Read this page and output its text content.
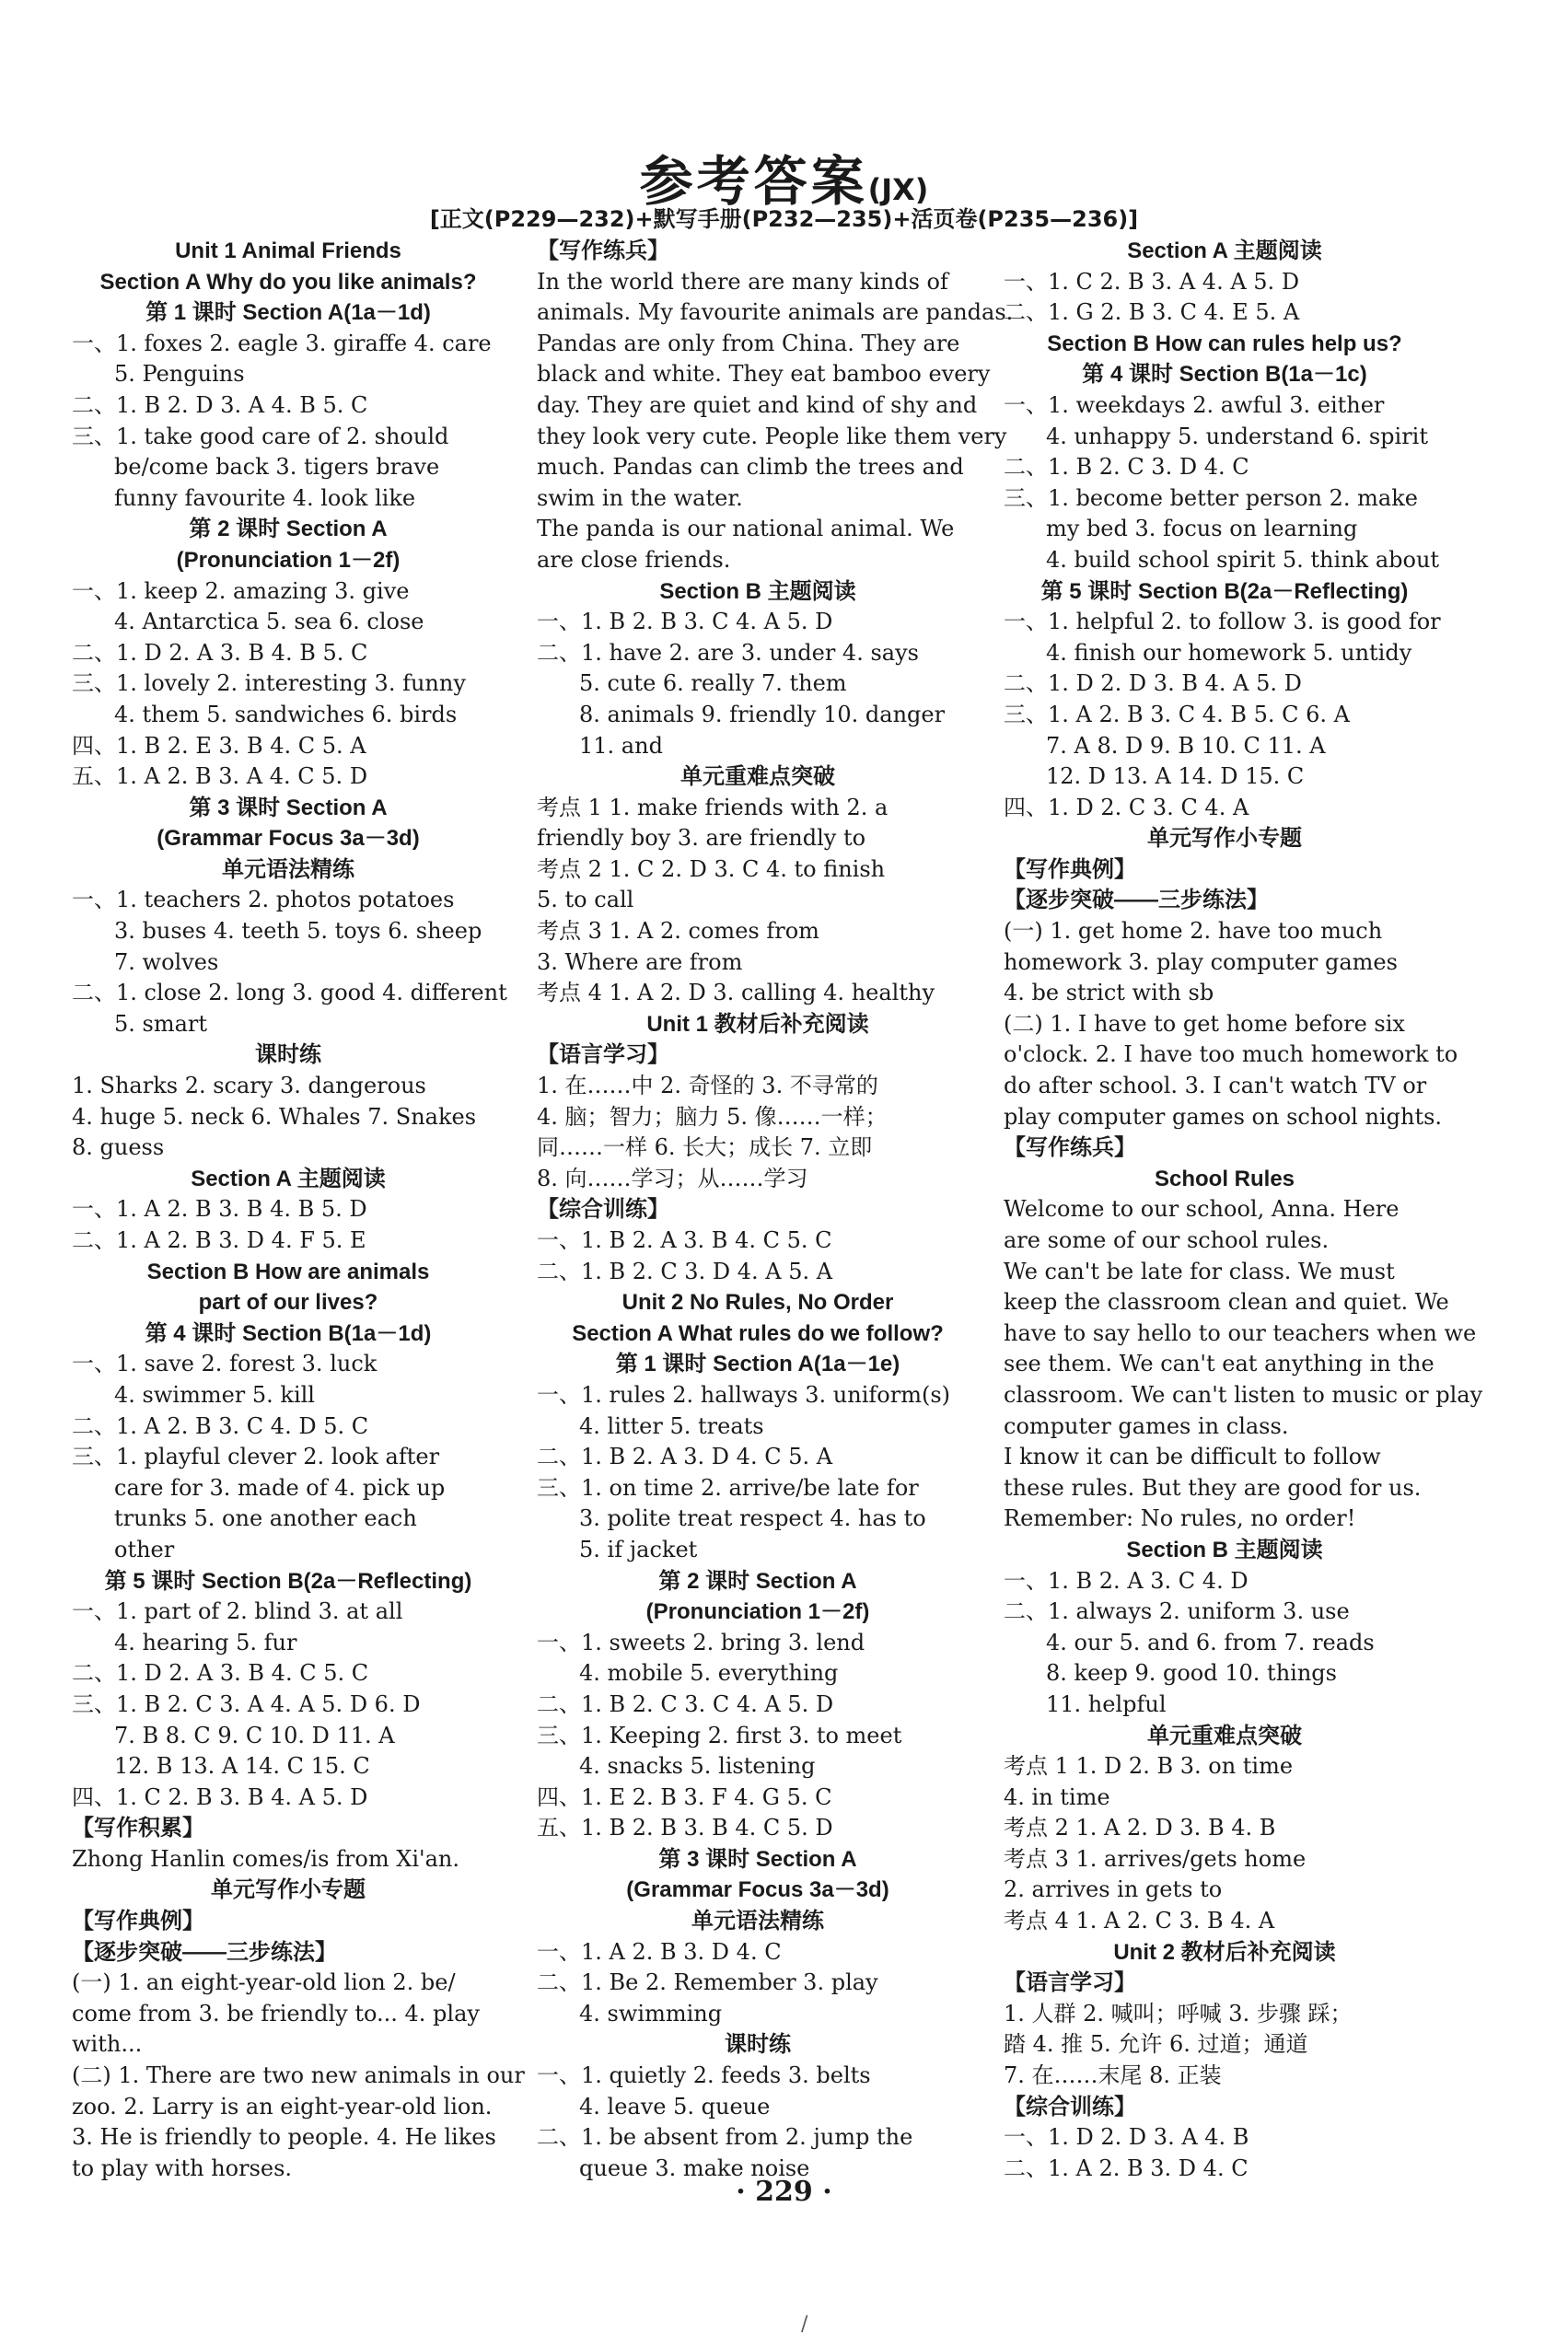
参考答案(JX)
[正文(P229—232)+默写手册(P232—235)+活页卷(P235—236)]
Unit 1 Animal Friends
Section A Why do you like animals?
第 1 课时 Section A(1a－1d)
一、1. foxes 2. eagle 3. giraffe 4. care
5. Penguins
二、1. B 2. D 3. A 4. B 5. C
三、1. take good care of 2. should
be/come back 3. tigers brave
funny favourite 4. look like
第 2 课时 Section A
(Pronunciation 1－2f)
一、1. keep 2. amazing 3. give
4. Antarctica 5. sea 6. close
二、1. D 2. A 3. B 4. B 5. C
三、1. lovely 2. interesting 3. funny
4. them 5. sandwiches 6. birds
四、1. B 2. E 3. B 4. C 5. A
五、1. A 2. B 3. A 4. C 5. D
第 3 课时 Section A
(Grammar Focus 3a－3d)
单元语法精练
一、1. teachers 2. photos potatoes
3. buses 4. teeth 5. toys 6. sheep
7. wolves
二、1. close 2. long 3. good 4. different
5. smart
课时练
1. Sharks 2. scary 3. dangerous
4. huge 5. neck 6. Whales 7. Snakes
8. guess
Section A 主题阅读
一、1. A 2. B 3. B 4. B 5. D
二、1. A 2. B 3. D 4. F 5. E
Section B How are animals
part of our lives?
第 4 课时 Section B(1a－1d)
一、1. save 2. forest 3. luck
4. swimmer 5. kill
二、1. A 2. B 3. C 4. D 5. C
三、1. playful clever 2. look after
care for 3. made of 4. pick up
trunks 5. one another each
other
第 5 课时 Section B(2a－Reflecting)
一、1. part of 2. blind 3. at all
4. hearing 5. fur
二、1. D 2. A 3. B 4. C 5. C
三、1. B 2. C 3. A 4. A 5. D 6. D
7. B 8. C 9. C 10. D 11. A
12. B 13. A 14. C 15. C
四、1. C 2. B 3. B 4. A 5. D
【写作积累】
Zhong Hanlin comes/is from Xi'an.
单元写作小专题
【写作典例】
【逐步突破——三步练法】
(一) 1. an eight-year-old lion 2. be/
come from 3. be friendly to... 4. play
with...
(二) 1. There are two new animals in our
zoo. 2. Larry is an eight-year-old lion.
3. He is friendly to people. 4. He likes
to play with horses.
【写作练兵】
In the world there are many kinds of
animals. My favourite animals are pandas.
Pandas are only from China. They are
black and white. They eat bamboo every
day. They are quiet and kind of shy and
they look very cute. People like them very
much. Pandas can climb the trees and
swim in the water.
The panda is our national animal. We
are close friends.
Section B 主题阅读
一、1. B 2. B 3. C 4. A 5. D
二、1. have 2. are 3. under 4. says
5. cute 6. really 7. them
8. animals 9. friendly 10. danger
11. and
单元重难点突破
考点 1 1. make friends with 2. a
friendly boy 3. are friendly to
考点 2 1. C 2. D 3. C 4. to finish
5. to call
考点 3 1. A 2. comes from
3. Where are from
考点 4 1. A 2. D 3. calling 4. healthy
Unit 1 教材后补充阅读
【语言学习】
1. 在……中 2. 奇怪的 3. 不寻常的
4. 脑；智力；脑力 5. 像……一样；
同……一样 6. 长大；成长 7. 立即
8. 向……学习；从……学习
【综合训练】
一、1. B 2. A 3. B 4. C 5. C
二、1. B 2. C 3. D 4. A 5. A
Unit 2 No Rules, No Order
Section A What rules do we follow?
第 1 课时 Section A(1a－1e)
一、1. rules 2. hallways 3. uniform(s)
4. litter 5. treats
二、1. B 2. A 3. D 4. C 5. A
三、1. on time 2. arrive/be late for
3. polite treat respect 4. has to
5. if jacket
第 2 课时 Section A
(Pronunciation 1－2f)
一、1. sweets 2. bring 3. lend
4. mobile 5. everything
二、1. B 2. C 3. C 4. A 5. D
三、1. Keeping 2. first 3. to meet
4. snacks 5. listening
四、1. E 2. B 3. F 4. G 5. C
五、1. B 2. B 3. B 4. C 5. D
第 3 课时 Section A
(Grammar Focus 3a－3d)
单元语法精练
一、1. A 2. B 3. D 4. C
二、1. Be 2. Remember 3. play
4. swimming
课时练
一、1. quietly 2. feeds 3. belts
4. leave 5. queue
二、1. be absent from 2. jump the
queue 3. make noise
Section A 主题阅读
一、1. C 2. B 3. A 4. A 5. D
二、1. G 2. B 3. C 4. E 5. A
Section B How can rules help us?
第 4 课时 Section B(1a－1c)
一、1. weekdays 2. awful 3. either
4. unhappy 5. understand 6. spirit
二、1. B 2. C 3. D 4. C
三、1. become better person 2. make
my bed 3. focus on learning
4. build school spirit 5. think about
第 5 课时 Section B(2a－Reflecting)
一、1. helpful 2. to follow 3. is good for
4. finish our homework 5. untidy
二、1. D 2. D 3. B 4. A 5. D
三、1. A 2. B 3. C 4. B 5. C 6. A
7. A 8. D 9. B 10. C 11. A
12. D 13. A 14. D 15. C
四、1. D 2. C 3. C 4. A
单元写作小专题
【写作典例】
【逐步突破——三步练法】
(一) 1. get home 2. have too much
homework 3. play computer games
4. be strict with sb
(二) 1. I have to get home before six
o'clock. 2. I have too much homework to
do after school. 3. I can't watch TV or
play computer games on school nights.
【写作练兵】
School Rules
Welcome to our school, Anna. Here
are some of our school rules.
We can't be late for class. We must
keep the classroom clean and quiet. We
have to say hello to our teachers when we
see them. We can't eat anything in the
classroom. We can't listen to music or play
computer games in class.
I know it can be difficult to follow
these rules. But they are good for us.
Remember: No rules, no order!
Section B 主题阅读
一、1. B 2. A 3. C 4. D
二、1. always 2. uniform 3. use
4. our 5. and 6. from 7. reads
8. keep 9. good 10. things
11. helpful
单元重难点突破
考点 1 1. D 2. B 3. on time
4. in time
考点 2 1. A 2. D 3. B 4. B
考点 3 1. arrives/gets home
2. arrives in gets to
考点 4 1. A 2. C 3. B 4. A
Unit 2 教材后补充阅读
【语言学习】
1. 人群 2. 喊叫；呼喊 3. 步骤 踩；
踏 4. 推 5. 允许 6. 过道；通道
7. 在……末尾 8. 正装
【综合训练】
一、1. D 2. D 3. A 4. B
二、1. A 2. B 3. D 4. C
· 229 ·
/
